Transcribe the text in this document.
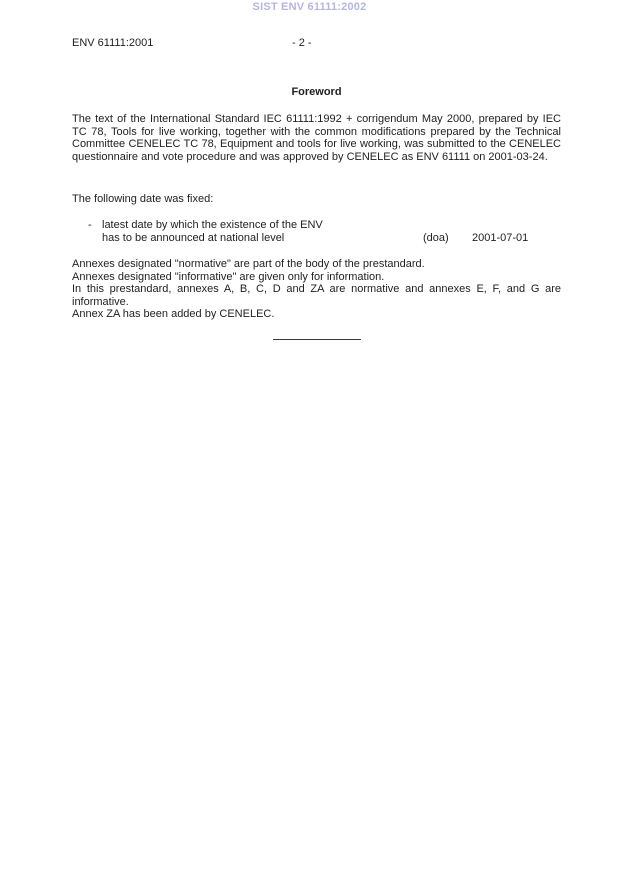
SIST ENV 61111:2002
ENV 61111:2001	- 2 -
Foreword
The text of the International Standard IEC 61111:1992 + corrigendum May 2000, prepared by IEC TC 78, Tools for live working, together with the common modifications prepared by the Technical Committee CENELEC TC 78, Equipment and tools for live working, was submitted to the CENELEC questionnaire and vote procedure and was approved by CENELEC as ENV 61111 on 2001-03-24.
The following date was fixed:
- latest date by which the existence of the ENV
has to be announced at national level	(doa) 2001-07-01
Annexes designated "normative" are part of the body of the prestandard.
Annexes designated "informative" are given only for information.
In this prestandard, annexes A, B, C, D and ZA are normative and annexes E, F, and G are informative.
Annex ZA has been added by CENELEC.
